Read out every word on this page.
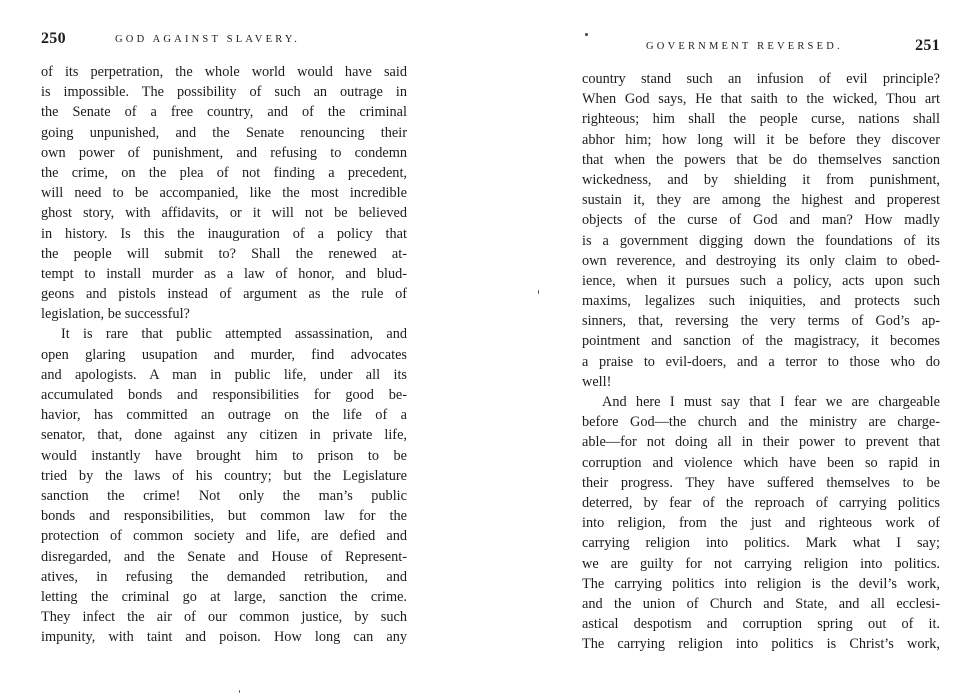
250	GOD AGAINST SLAVERY.
of its perpetration, the whole world would have said
is impossible. The possibility of such an outrage in
the Senate of a free country, and of the criminal
going unpunished, and the Senate renouncing their
own power of punishment, and refusing to condemn
the crime, on the plea of not finding a precedent,
will need to be accompanied, like the most incredible
ghost story, with affidavits, or it will not be believed
in history. Is this the inauguration of a policy that
the people will submit to? Shall the renewed at-
tempt to install murder as a law of honor, and blud-
geons and pistols instead of argument as the rule of
legislation, be successful?
It is rare that public attempted assassination, and
open glaring usupation and murder, find advocates
and apologists. A man in public life, under all its
accumulated bonds and responsibilities for good be-
havior, has committed an outrage on the life of a
senator, that, done against any citizen in private life,
would instantly have brought him to prison to be
tried by the laws of his country; but the Legislature
sanction the crime! Not only the man’s public
bonds and responsibilities, but common law for the
protection of common society and life, are defied and
disregarded, and the Senate and House of Represent-
atives, in refusing the demanded retribution, and
letting the criminal go at large, sanction the crime.
They infect the air of our common justice, by such
impunity, with taint and poison. How long can any
GOVERNMENT REVERSED.	251
country stand such an infusion of evil principle?
When God says, He that saith to the wicked, Thou art
righteous; him shall the people curse, nations shall
abhor him; how long will it be before they discover
that when the powers that be do themselves sanction
wickedness, and by shielding it from punishment,
sustain it, they are among the highest and properest
objects of the curse of God and man? How madly
is a government digging down the foundations of its
own reverence, and destroying its only claim to obed-
ience, when it pursues such a policy, acts upon such
maxims, legalizes such iniquities, and protects such
sinners, that, reversing the very terms of God’s ap-
pointment and sanction of the magistracy, it becomes
a praise to evil-doers, and a terror to those who do
well!
And here I must say that I fear we are chargeable
before God—the church and the ministry are charge-
able—for not doing all in their power to prevent that
corruption and violence which have been so rapid in
their progress. They have suffered themselves to be
deterred, by fear of the reproach of carrying politics
into religion, from the just and righteous work of
carrying religion into politics. Mark what I say;
we are guilty for not carrying religion into politics.
The carrying politics into religion is the devil’s work,
and the union of Church and State, and all ecclesi-
astical despotism and corruption spring out of it.
The carrying religion into politics is Christ’s work,
